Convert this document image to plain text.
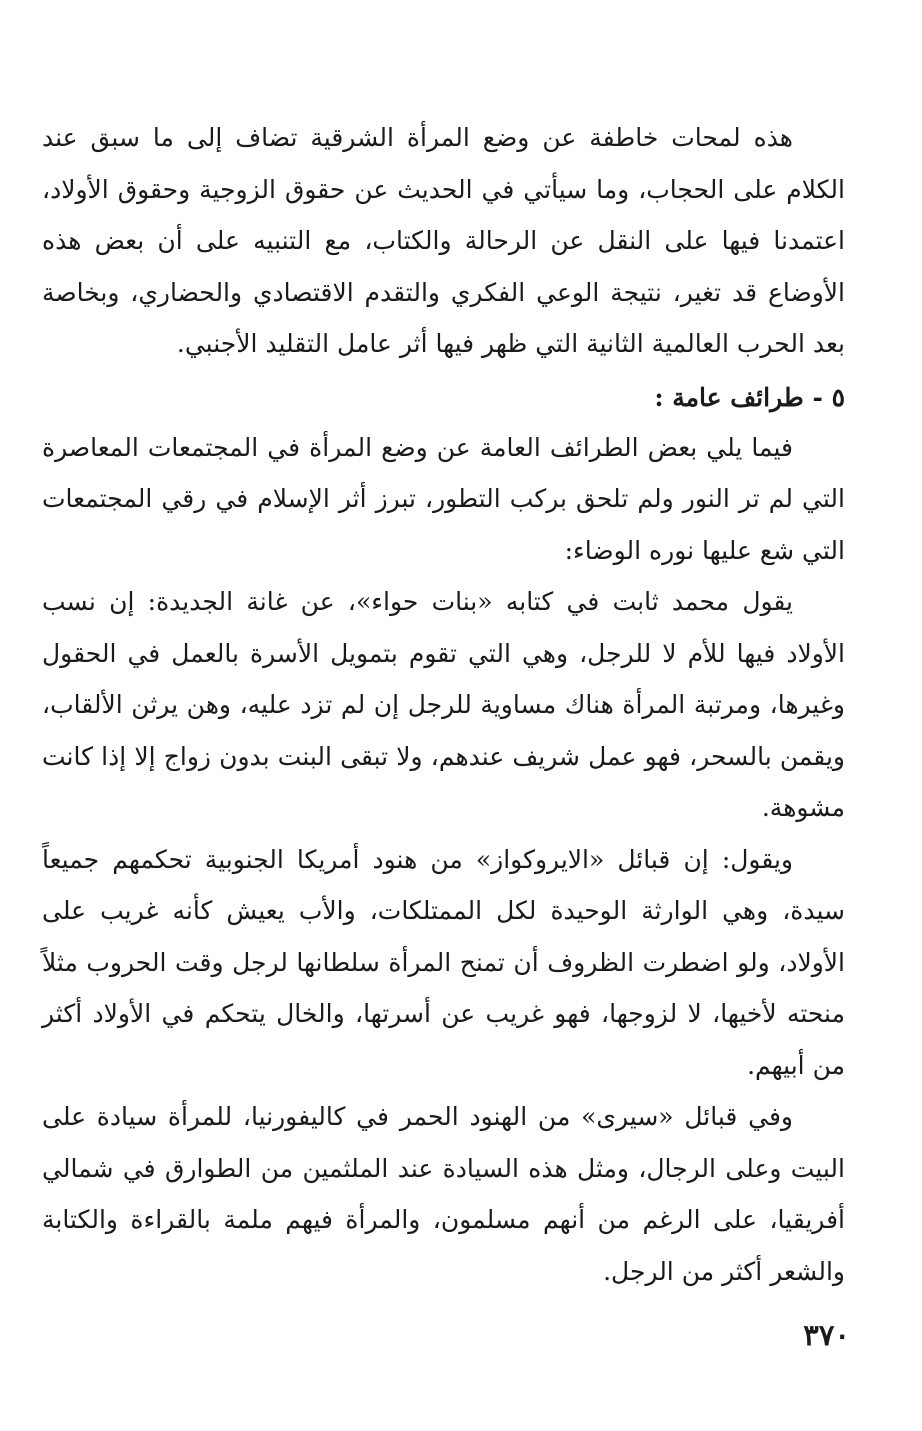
هذه لمحات خاطفة عن وضع المرأة الشرقية تضاف إلى ما سبق عند الكلام على الحجاب، وما سيأتي في الحديث عن حقوق الزوجية وحقوق الأولاد، اعتمدنا فيها على النقل عن الرحالة والكتاب، مع التنبيه على أن بعض هذه الأوضاع قد تغير، نتيجة الوعي الفكري والتقدم الاقتصادي والحضاري، وبخاصة بعد الحرب العالمية الثانية التي ظهر فيها أثر عامل التقليد الأجنبي.

٥ - طرائف عامة :

فيما يلي بعض الطرائف العامة عن وضع المرأة في المجتمعات المعاصرة التي لم تر النور ولم تلحق بركب التطور، تبرز أثر الإسلام في رقي المجتمعات التي شع عليها نوره الوضاء:

يقول محمد ثابت في كتابه «بنات حواء»، عن غانة الجديدة: إن نسب الأولاد فيها للأم لا للرجل، وهي التي تقوم بتمويل الأسرة بالعمل في الحقول وغيرها، ومرتبة المرأة هناك مساوية للرجل إن لم تزد عليه، وهن يرثن الألقاب، ويقمن بالسحر، فهو عمل شريف عندهم، ولا تبقى البنت بدون زواج إلا إذا كانت مشوهة.

ويقول: إن قبائل «الايروكواز» من هنود أمريكا الجنوبية تحكمهم جميعاً سيدة، وهي الوارثة الوحيدة لكل الممتلكات، والأب يعيش كأنه غريب على الأولاد، ولو اضطرت الظروف أن تمنح المرأة سلطانها لرجل وقت الحروب مثلاً منحته لأخيها، لا لزوجها، فهو غريب عن أسرتها، والخال يتحكم في الأولاد أكثر من أبيهم.

وفي قبائل «سيرى» من الهنود الحمر في كاليفورنيا، للمرأة سيادة على البيت وعلى الرجال، ومثل هذه السيادة عند الملثمين من الطوارق في شمالي أفريقيا، على الرغم من أنهم مسلمون، والمرأة فيهم ملمة بالقراءة والكتابة والشعر أكثر من الرجل.

٣٧٠
